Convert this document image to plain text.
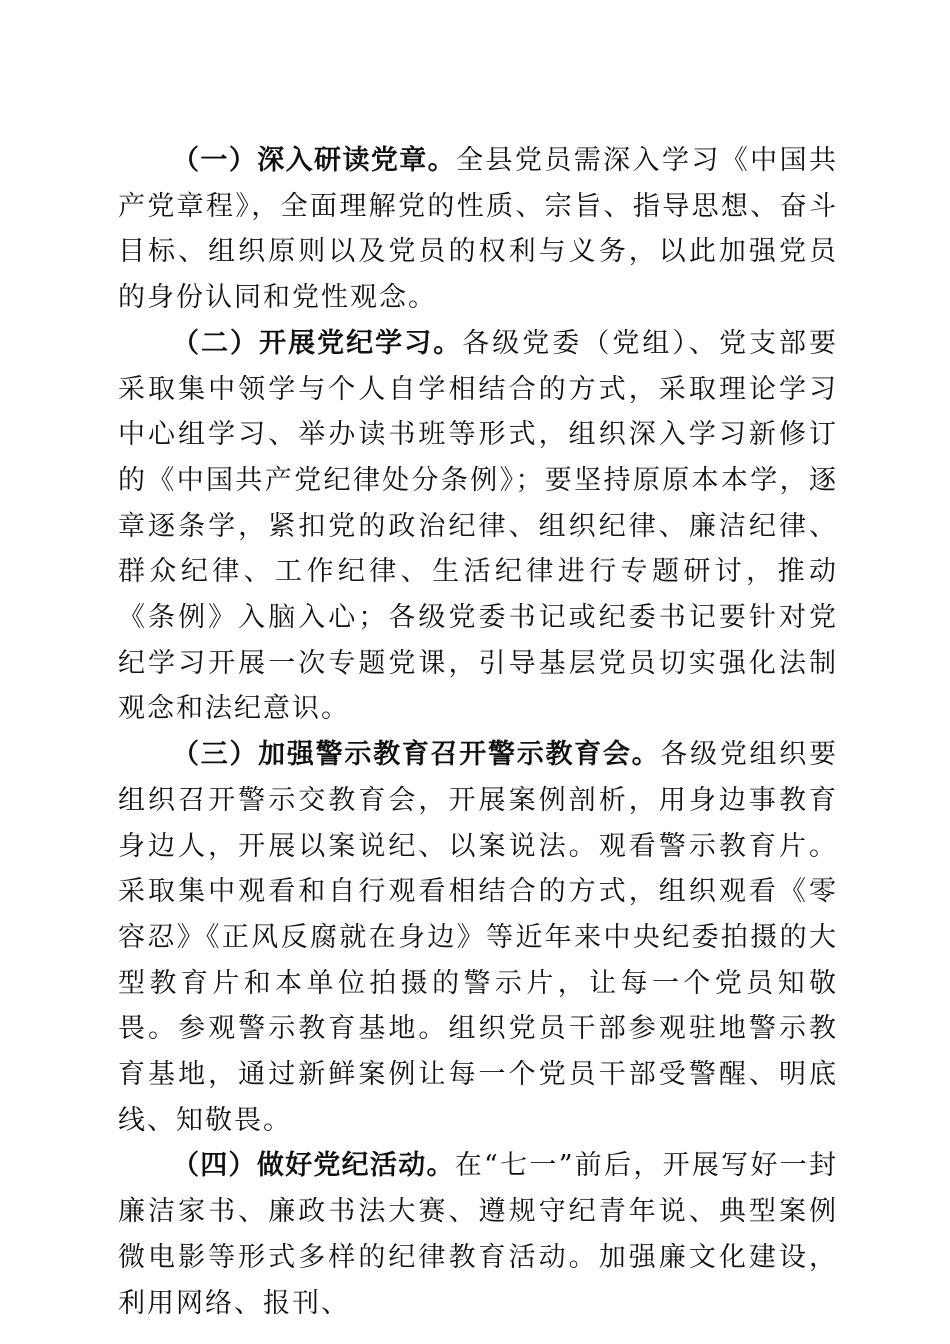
（一）深入研读党章。全县党员需深入学习《中国共产党章程》，全面理解党的性质、宗旨、指导思想、奋斗目标、组织原则以及党员的权利与义务，以此加强党员的身份认同和党性观念。

（二）开展党纪学习。各级党委（党组）、党支部要采取集中领学与个人自学相结合的方式，采取理论学习中心组学习、举办读书班等形式，组织深入学习新修订的《中国共产党纪律处分条例》；要坚持原原本本学，逐章逐条学，紧扣党的政治纪律、组织纪律、廉洁纪律、群众纪律、工作纪律、生活纪律进行专题研讨，推动《条例》入脑入心；各级党委书记或纪委书记要针对党纪学习开展一次专题党课，引导基层党员切实强化法制观念和法纪意识。

（三）加强警示教育召开警示教育会。各级党组织要组织召开警示交教育会，开展案例剖析，用身边事教育身边人，开展以案说纪、以案说法。观看警示教育片。采取集中观看和自行观看相结合的方式，组织观看《零容忍》《正风反腐就在身边》等近年来中央纪委拍摄的大型教育片和本单位拍摄的警示片，让每一个党员知敬畏。参观警示教育基地。组织党员干部参观驻地警示教育基地，通过新鲜案例让每一个党员干部受警醒、明底线、知敬畏。

（四）做好党纪活动。在“七一”前后，开展写好一封廉洁家书、廉政书法大赛、遵规守纪青年说、典型案例微电影等形式多样的纪律教育活动。加强廉文化建设，利用网络、报刊、
